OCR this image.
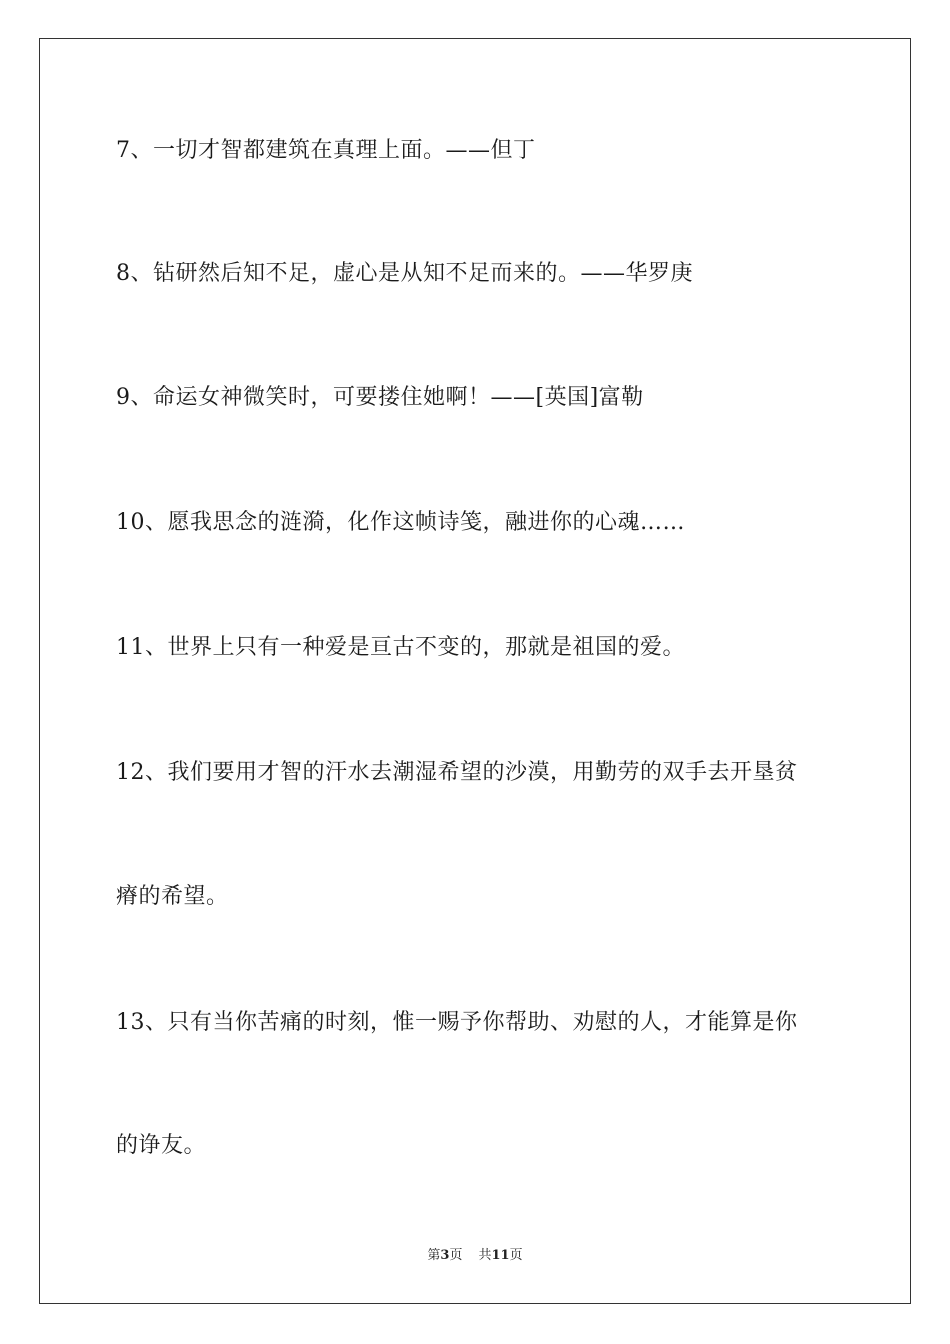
7、一切才智都建筑在真理上面。——但丁
8、钻研然后知不足，虚心是从知不足而来的。——华罗庚
9、命运女神微笑时，可要搂住她啊！——[英国]富勒
10、愿我思念的涟漪，化作这帧诗笺，融进你的心魂……
11、世界上只有一种爱是亘古不变的，那就是祖国的爱。
12、我们要用才智的汗水去潮湿希望的沙漠，用勤劳的双手去开垦贫
瘠的希望。
13、只有当你苦痛的时刻，惟一赐予你帮助、劝慰的人，才能算是你
的诤友。
第3页 共11页
